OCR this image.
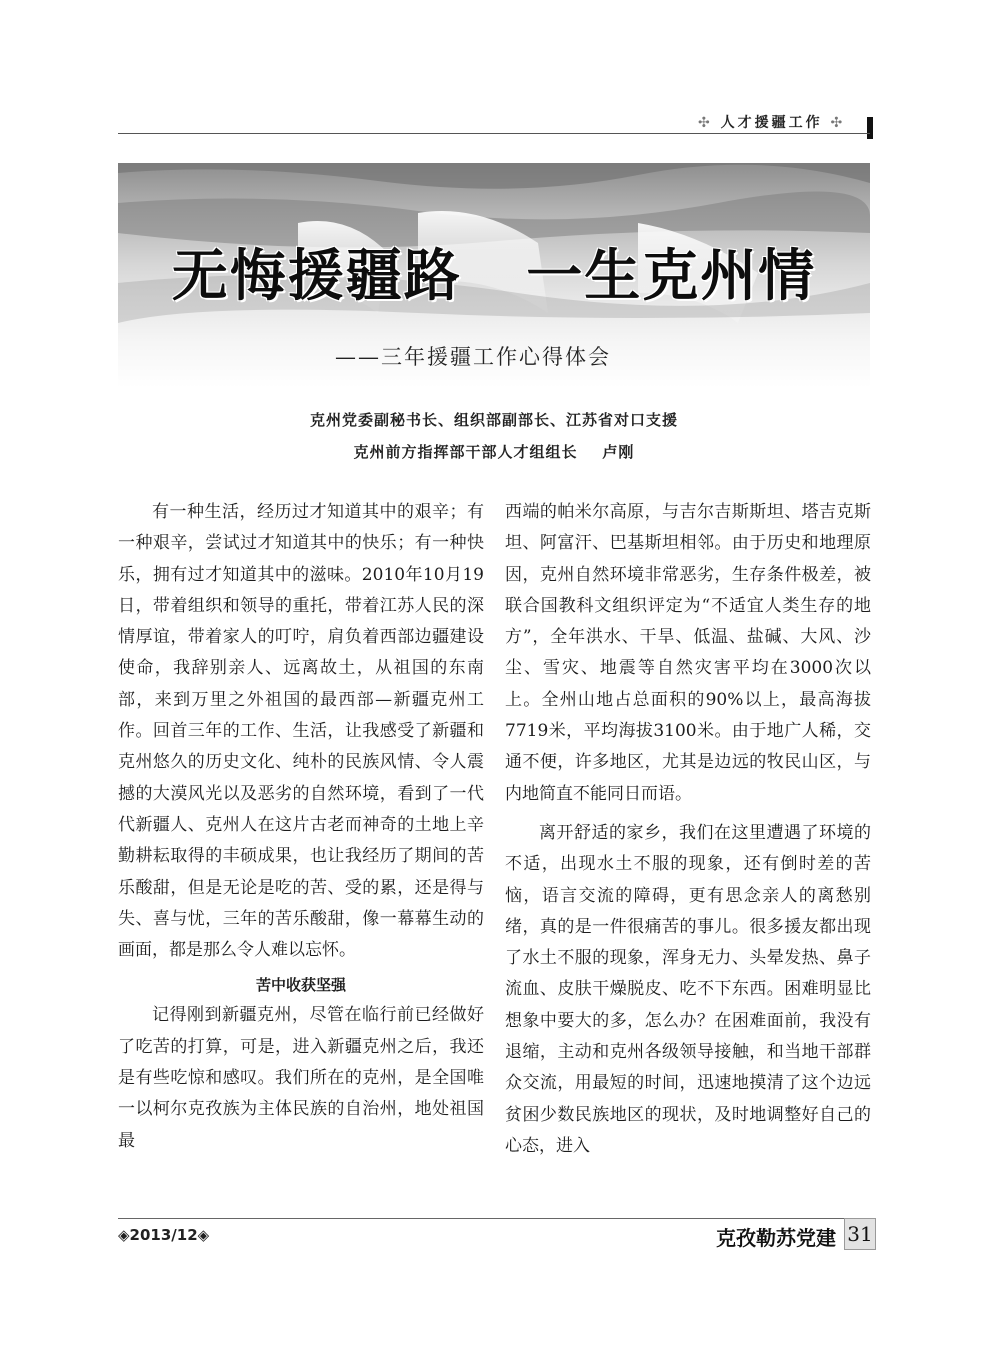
✣ 人才援疆工作 ✣
无悔援疆路   一生克州情
——三年援疆工作心得体会
克州党委副秘书长、组织部副部长、江苏省对口支援
克州前方指挥部干部人才组组长    卢刚

有一种生活，经历过才知道其中的艰辛；有一种艰辛，尝试过才知道其中的快乐；有一种快乐，拥有过才知道其中的滋味。2010年10月19日，带着组织和领导的重托，带着江苏人民的深情厚谊，带着家人的叮咛，肩负着西部边疆建设使命，我辞别亲人、远离故土，从祖国的东南部，来到万里之外祖国的最西部—新疆克州工作。回首三年的工作、生活，让我感受了新疆和克州悠久的历史文化、纯朴的民族风情、令人震撼的大漠风光以及恶劣的自然环境，看到了一代代新疆人、克州人在这片古老而神奇的土地上辛勤耕耘取得的丰硕成果，也让我经历了期间的苦乐酸甜，但是无论是吃的苦、受的累，还是得与失、喜与忧，三年的苦乐酸甜，像一幕幕生动的画面，都是那么令人难以忘怀。

苦中收获坚强

记得刚到新疆克州，尽管在临行前已经做好了吃苦的打算，可是，进入新疆克州之后，我还是有些吃惊和感叹。我们所在的克州，是全国唯一以柯尔克孜族为主体民族的自治州，地处祖国最

西端的帕米尔高原，与吉尔吉斯斯坦、塔吉克斯坦、阿富汗、巴基斯坦相邻。由于历史和地理原因，克州自然环境非常恶劣，生存条件极差，被联合国教科文组织评定为“不适宜人类生存的地方”，全年洪水、干旱、低温、盐碱、大风、沙尘、雪灾、地震等自然灾害平均在3000次以上。全州山地占总面积的90%以上，最高海拔7719米，平均海拔3100米。由于地广人稀，交通不便，许多地区，尤其是边远的牧民山区，与内地简直不能同日而语。

离开舒适的家乡，我们在这里遭遇了环境的不适，出现水土不服的现象，还有倒时差的苦恼，语言交流的障碍，更有思念亲人的离愁别绪，真的是一件很痛苦的事儿。很多援友都出现了水土不服的现象，浑身无力、头晕发热、鼻子流血、皮肤干燥脱皮、吃不下东西。困难明显比想象中要大的多，怎么办？在困难面前，我没有退缩，主动和克州各级领导接触，和当地干部群众交流，用最短的时间，迅速地摸清了这个边远贫困少数民族地区的现状，及时地调整好自己的心态，进入

◈2013/12◈	克孜勒苏党建 31
